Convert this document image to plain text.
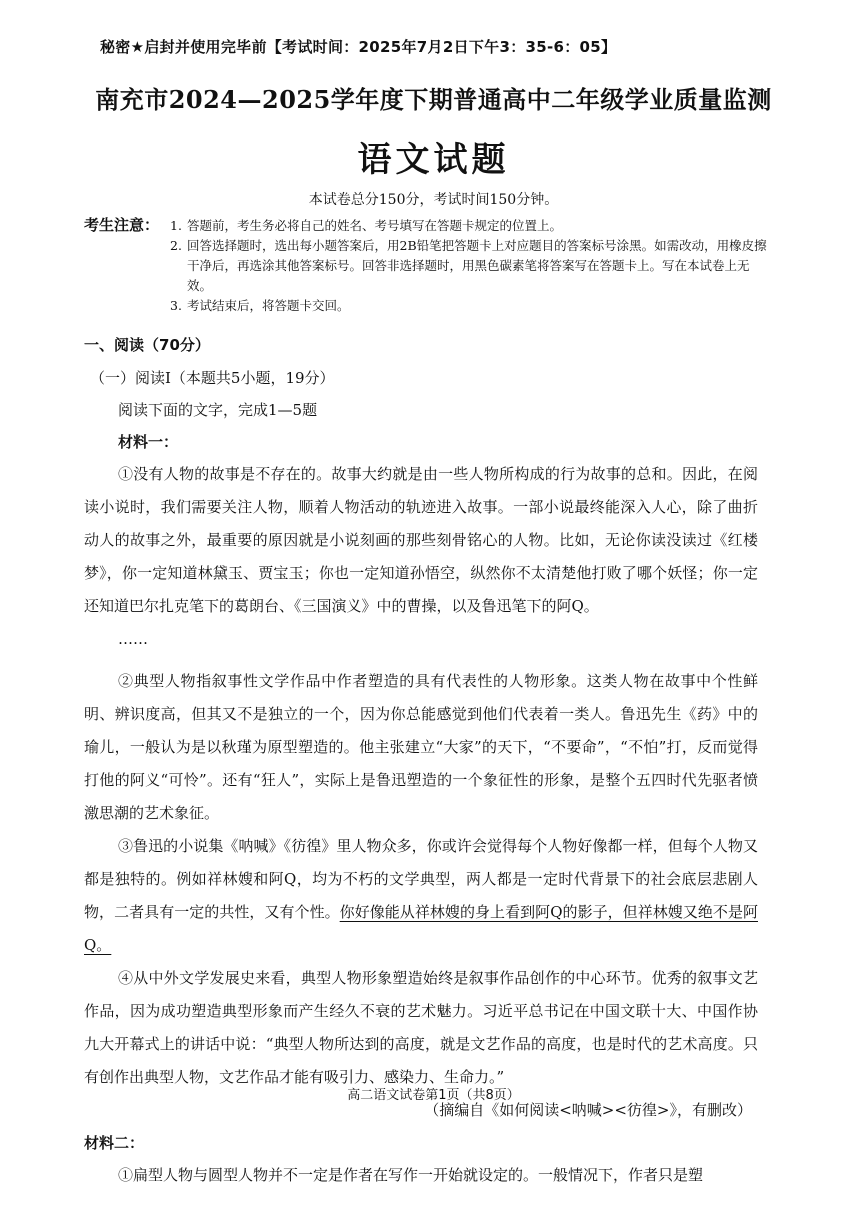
秘密★启封并使用完毕前【考试时间：2025年7月2日下午3：35-6：05】
南充市2024—2025学年度下期普通高中二年级学业质量监测
语文试题
本试卷总分150分，考试时间150分钟。
考生注意： 1. 答题前，考生务必将自己的姓名、考号填写在答题卡规定的位置上。
2. 回答选择题时，选出每小题答案后，用2B铅笔把答题卡上对应题目的答案标号涂黑。如需改动，用橡皮擦干净后，再选涂其他答案标号。回答非选择题时，用黑色碳素笔将答案写在答题卡上。写在本试卷上无效。
3. 考试结束后，将答题卡交回。
一、阅读（70分）
（一）阅读Ⅰ（本题共5小题，19分）
阅读下面的文字，完成1—5题
材料一：

①没有人物的故事是不存在的。故事大约就是由一些人物所构成的行为故事的总和。因此，在阅读小说时，我们需要关注人物，顺着人物活动的轨迹进入故事。一部小说最终能深入人心，除了曲折动人的故事之外，最重要的原因就是小说刻画的那些刻骨铭心的人物。比如，无论你读没读过《红楼梦》，你一定知道林黛玉、贾宝玉；你也一定知道孙悟空，纵然你不太清楚他打败了哪个妖怪；你一定还知道巴尔扎克笔下的葛朗台、《三国演义》中的曹操，以及鲁迅笔下的阿Q。

……

②典型人物指叙事性文学作品中作者塑造的具有代表性的人物形象。这类人物在故事中个性鲜明、辨识度高，但其又不是独立的一个，因为你总能感觉到他们代表着一类人。鲁迅先生《药》中的瑜儿，一般认为是以秋瑾为原型塑造的。他主张建立“大家”的天下，“不要命”，“不怕”打，反而觉得打他的阿义“可怜”。还有“狂人”，实际上是鲁迅塑造的一个象征性的形象，是整个五四时代先驱者愤激思潮的艺术象征。

③鲁迅的小说集《呐喊》《彷徨》里人物众多，你或许会觉得每个人物好像都一样，但每个人物又都是独特的。例如祥林嫂和阿Q，均为不朽的文学典型，两人都是一定时代背景下的社会底层悲剧人物，二者具有一定的共性，又有个性。你好像能从祥林嫂的身上看到阿Q的影子，但祥林嫂又绝不是阿Q。

④从中外文学发展史来看，典型人物形象塑造始终是叙事作品创作的中心环节。优秀的叙事文艺作品，因为成功塑造典型形象而产生经久不衰的艺术魅力。习近平总书记在中国文联十大、中国作协九大开幕式上的讲话中说：“典型人物所达到的高度，就是文艺作品的高度，也是时代的艺术高度。只有创作出典型人物，文艺作品才能有吸引力、感染力、生命力。”

（摘编自《如何阅读<呐喊><彷徨>》，有删改）
材料二：

①扁型人物与圆型人物并不一定是作者在写作一开始就设定的。一般情况下，作者只是塑

高二语文试卷第1页（共8页）
